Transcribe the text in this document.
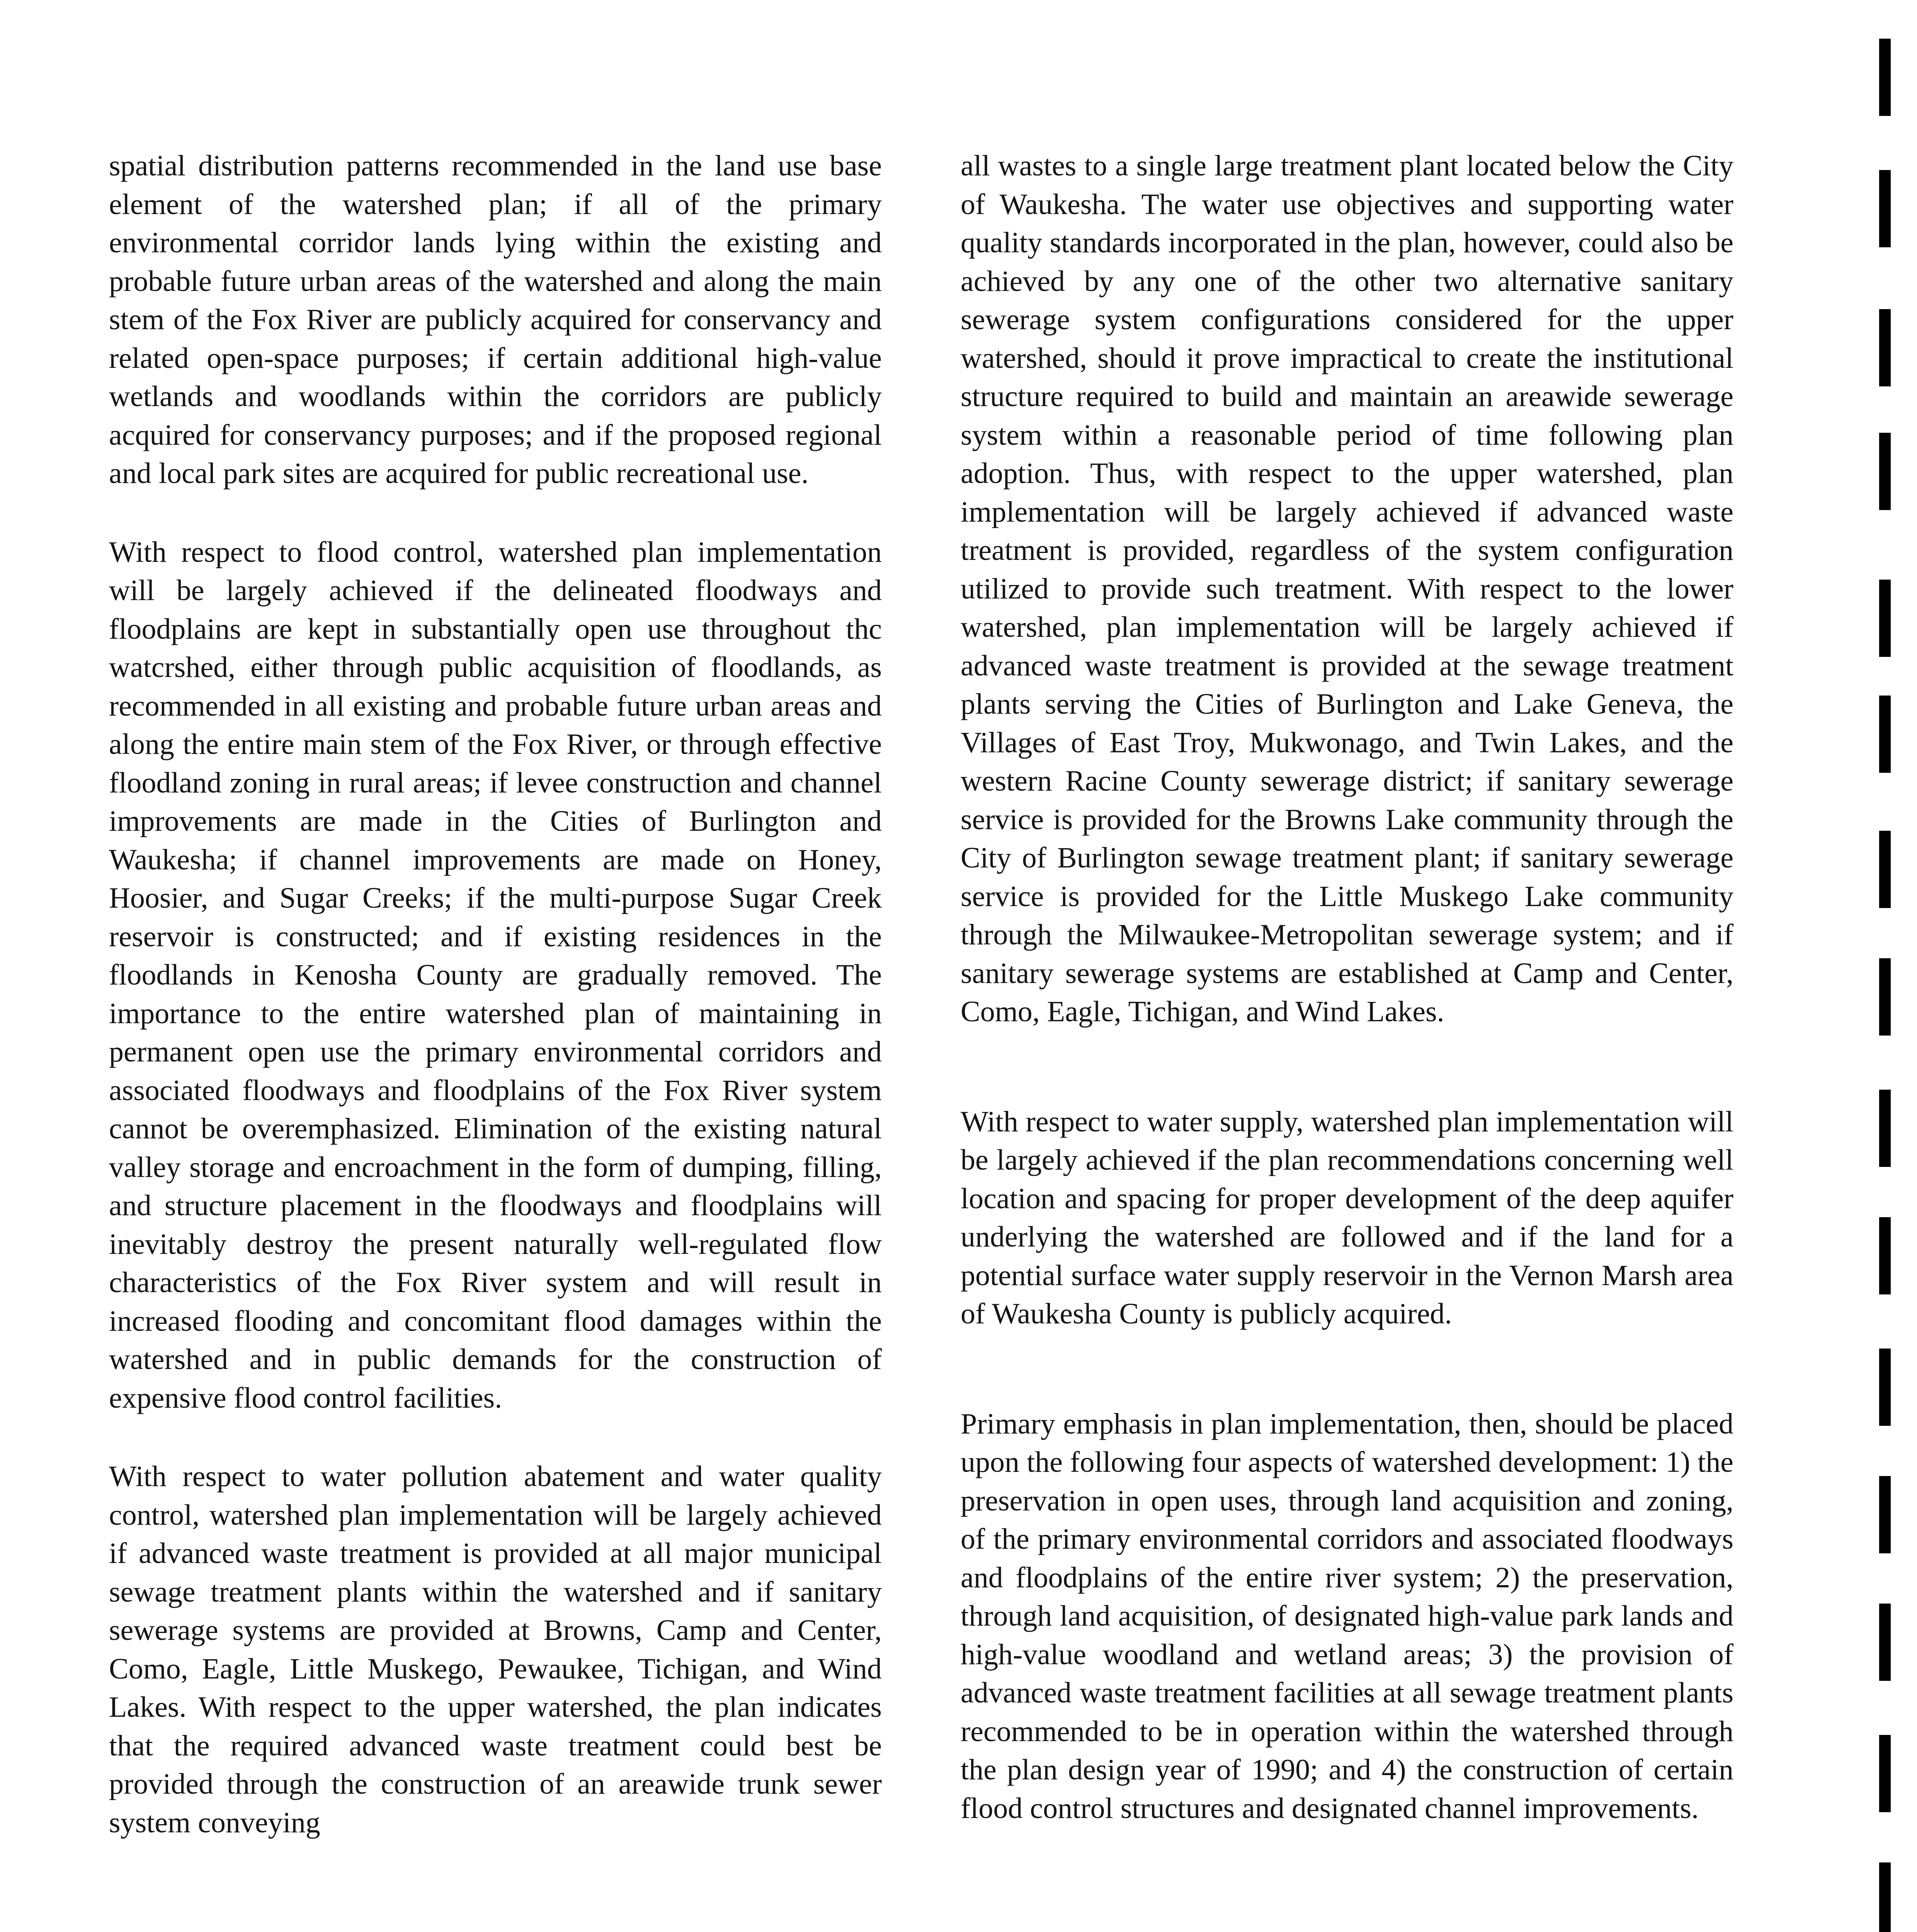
spatial distribution patterns recommended in the land use base element of the watershed plan; if all of the primary environmental corridor lands lying within the existing and probable future urban areas of the watershed and along the main stem of the Fox River are publicly acquired for conservancy and related open-space purposes; if certain additional high-value wetlands and woodlands within the corridors are publicly acquired for conservancy purposes; and if the proposed regional and local park sites are acquired for public recreational use.

With respect to flood control, watershed plan implementation will be largely achieved if the delineated floodways and floodplains are kept in substantially open use throughout thc watcrshed, either through public acquisition of floodlands, as recommended in all existing and probable future urban areas and along the entire main stem of the Fox River, or through effective floodland zoning in rural areas; if levee construction and channel improvements are made in the Cities of Burlington and Waukesha; if channel improvements are made on Honey, Hoosier, and Sugar Creeks; if the multi-purpose Sugar Creek reservoir is constructed; and if existing residences in the floodlands in Kenosha County are gradually removed. The importance to the entire watershed plan of maintaining in permanent open use the primary environmental corridors and associated floodways and floodplains of the Fox River system cannot be overemphasized. Elimination of the existing natural valley storage and encroachment in the form of dumping, filling, and structure placement in the floodways and floodplains will inevitably destroy the present naturally well-regulated flow characteristics of the Fox River system and will result in increased flooding and concomitant flood damages within the watershed and in public demands for the construction of expensive flood control facilities.

With respect to water pollution abatement and water quality control, watershed plan implementation will be largely achieved if advanced waste treatment is provided at all major municipal sewage treatment plants within the watershed and if sanitary sewerage systems are provided at Browns, Camp and Center, Como, Eagle, Little Muskego, Pewaukee, Tichigan, and Wind Lakes. With respect to the upper watershed, the plan indicates that the required advanced waste treatment could best be provided through the construction of an areawide trunk sewer system conveying

all wastes to a single large treatment plant located below the City of Waukesha. The water use objectives and supporting water quality standards incorporated in the plan, however, could also be achieved by any one of the other two alternative sanitary sewerage system configurations considered for the upper watershed, should it prove impractical to create the institutional structure required to build and maintain an areawide sewerage system within a reasonable period of time following plan adoption. Thus, with respect to the upper watershed, plan implementation will be largely achieved if advanced waste treatment is provided, regardless of the system configuration utilized to provide such treatment. With respect to the lower watershed, plan implementation will be largely achieved if advanced waste treatment is provided at the sewage treatment plants serving the Cities of Burlington and Lake Geneva, the Villages of East Troy, Mukwonago, and Twin Lakes, and the western Racine County sewerage district; if sanitary sewerage service is provided for the Browns Lake community through the City of Burlington sewage treatment plant; if sanitary sewerage service is provided for the Little Muskego Lake community through the Milwaukee-Metropolitan sewerage system; and if sanitary sewerage systems are established at Camp and Center, Como, Eagle, Tichigan, and Wind Lakes.

With respect to water supply, watershed plan implementation will be largely achieved if the plan recommendations concerning well location and spacing for proper development of the deep aquifer underlying the watershed are followed and if the land for a potential surface water supply reservoir in the Vernon Marsh area of Waukesha County is publicly acquired.

Primary emphasis in plan implementation, then, should be placed upon the following four aspects of watershed development: 1) the preservation in open uses, through land acquisition and zoning, of the primary environmental corridors and associated floodways and floodplains of the entire river system; 2) the preservation, through land acquisition, of designated high-value park lands and high-value woodland and wetland areas; 3) the provision of advanced waste treatment facilities at all sewage treatment plants recommended to be in operation within the watershed through the plan design year of 1990; and 4) the construction of certain flood control structures and designated channel improvements.
